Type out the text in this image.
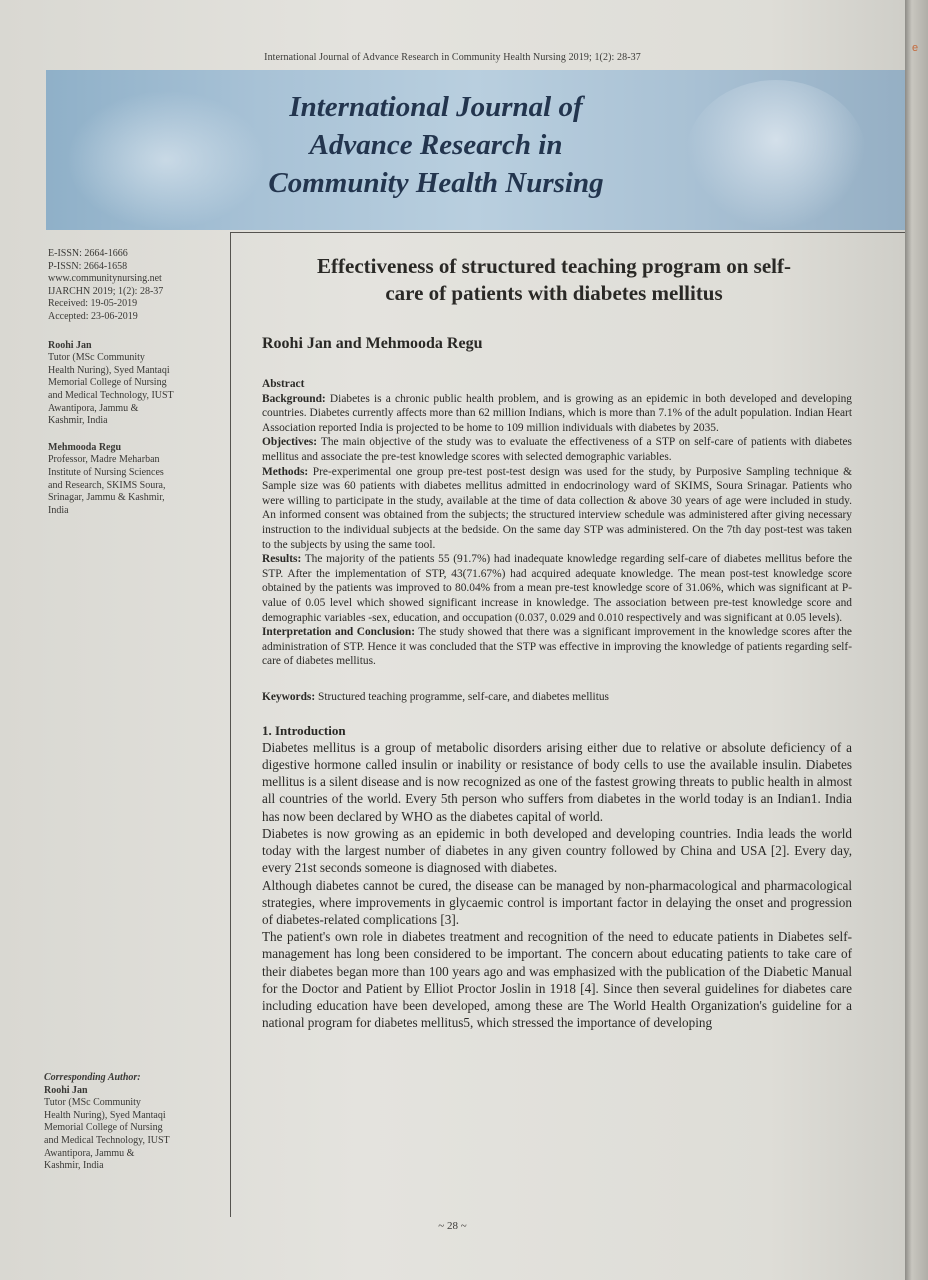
International Journal of Advance Research in Community Health Nursing 2019; 1(2): 28-37
International Journal of
Advance Research in
Community Health Nursing
E-ISSN: 2664-1666
P-ISSN: 2664-1658
www.communitynursing.net
IJARCHN 2019; 1(2): 28-37
Received: 19-05-2019
Accepted: 23-06-2019
Roohi Jan
Tutor (MSc Community
Health Nuring), Syed Mantaqi
Memorial College of Nursing
and Medical Technology, IUST
Awantipora, Jammu &
Kashmir, India
Mehmooda Regu
Professor, Madre Meharban
Institute of Nursing Sciences
and Research, SKIMS Soura,
Srinagar, Jammu & Kashmir,
India
Corresponding Author:
Roohi Jan
Tutor (MSc Community
Health Nuring), Syed Mantaqi
Memorial College of Nursing
and Medical Technology, IUST
Awantipora, Jammu &
Kashmir, India
Effectiveness of structured teaching program on self-
care of patients with diabetes mellitus
Roohi Jan and Mehmooda Regu
Abstract
Background: Diabetes is a chronic public health problem, and is growing as an epidemic in both developed and developing countries. Diabetes currently affects more than 62 million Indians, which is more than 7.1% of the adult population. Indian Heart Association reported India is projected to be home to 109 million individuals with diabetes by 2035.
Objectives: The main objective of the study was to evaluate the effectiveness of a STP on self-care of patients with diabetes mellitus and associate the pre-test knowledge scores with selected demographic variables.
Methods: Pre-experimental one group pre-test post-test design was used for the study, by Purposive Sampling technique & Sample size was 60 patients with diabetes mellitus admitted in endocrinology ward of SKIMS, Soura Srinagar. Patients who were willing to participate in the study, available at the time of data collection & above 30 years of age were included in study. An informed consent was obtained from the subjects; the structured interview schedule was administered after giving necessary instruction to the individual subjects at the bedside. On the same day STP was administered. On the 7th day post-test was taken to the subjects by using the same tool.
Results: The majority of the patients 55 (91.7%) had inadequate knowledge regarding self-care of diabetes mellitus before the STP. After the implementation of STP, 43(71.67%) had acquired adequate knowledge. The mean post-test knowledge score obtained by the patients was improved to 80.04% from a mean pre-test knowledge score of 31.06%, which was significant at P-value of 0.05 level which showed significant increase in knowledge. The association between pre-test knowledge score and demographic variables -sex, education, and occupation (0.037, 0.029 and 0.010 respectively and was significant at 0.05 levels).
Interpretation and Conclusion: The study showed that there was a significant improvement in the knowledge scores after the administration of STP. Hence it was concluded that the STP was effective in improving the knowledge of patients regarding self-care of diabetes mellitus.
Keywords: Structured teaching programme, self-care, and diabetes mellitus
1. Introduction

Diabetes mellitus is a group of metabolic disorders arising either due to relative or absolute deficiency of a digestive hormone called insulin or inability or resistance of body cells to use the available insulin. Diabetes mellitus is a silent disease and is now recognized as one of the fastest growing threats to public health in almost all countries of the world. Every 5th person who suffers from diabetes in the world today is an Indian1. India has now been declared by WHO as the diabetes capital of world.

Diabetes is now growing as an epidemic in both developed and developing countries. India leads the world today with the largest number of diabetes in any given country followed by China and USA [2]. Every day, every 21st seconds someone is diagnosed with diabetes.

Although diabetes cannot be cured, the disease can be managed by non-pharmacological and pharmacological strategies, where improvements in glycaemic control is important factor in delaying the onset and progression of diabetes-related complications [3].

The patient's own role in diabetes treatment and recognition of the need to educate patients in Diabetes self-management has long been considered to be important. The concern about educating patients to take care of their diabetes began more than 100 years ago and was emphasized with the publication of the Diabetic Manual for the Doctor and Patient by Elliot Proctor Joslin in 1918 [4]. Since then several guidelines for diabetes care including education have been developed, among these are The World Health Organization's guideline for a national program for diabetes mellitus5, which stressed the importance of developing

~ 28 ~
e
